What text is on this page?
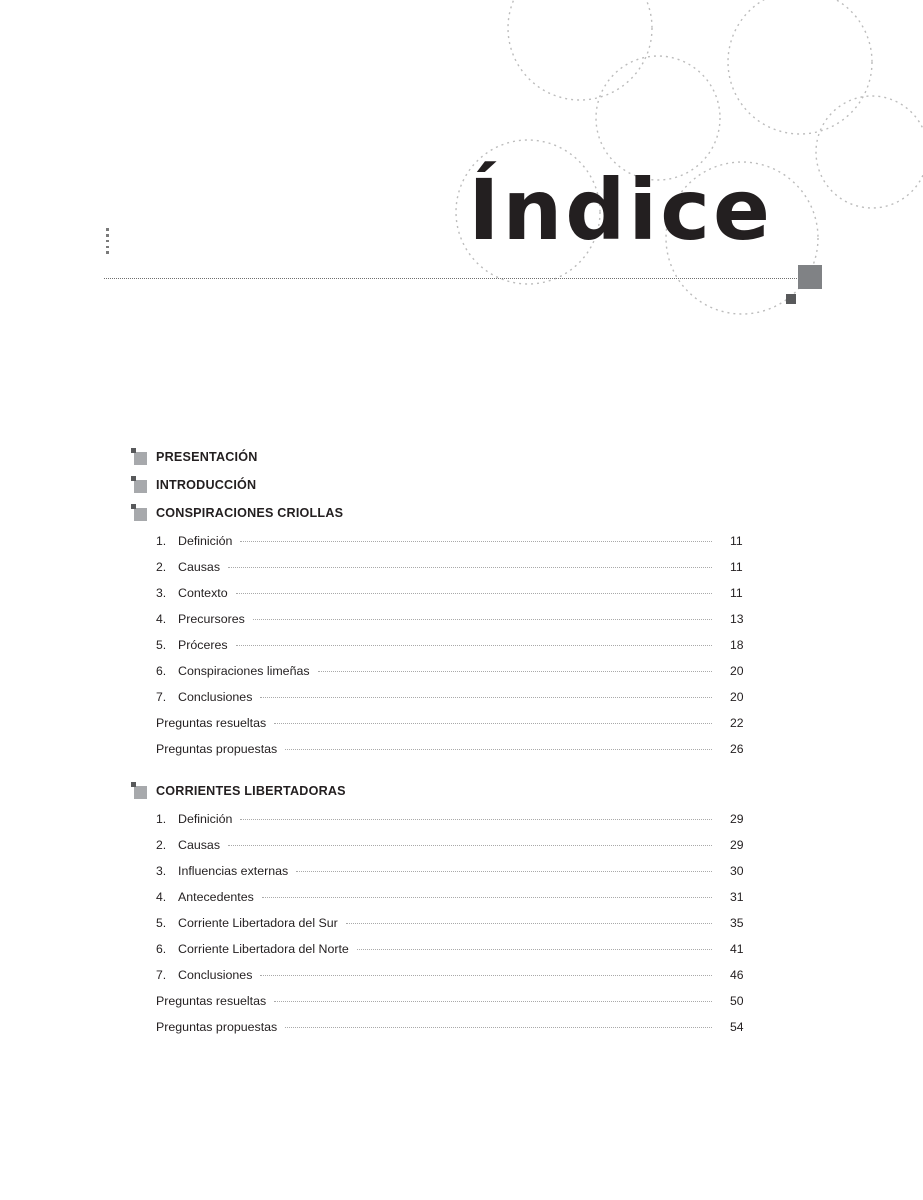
Índice
PRESENTACIÓN
INTRODUCCIÓN
CONSPIRACIONES CRIOLLAS
1. Definición	11
2. Causas	11
3. Contexto	11
4. Precursores	13
5. Próceres	18
6. Conspiraciones limeñas	20
7. Conclusiones	20
Preguntas resueltas	22
Preguntas propuestas	26
CORRIENTES LIBERTADORAS
1. Definición	29
2. Causas	29
3. Influencias externas	30
4. Antecedentes	31
5. Corriente Libertadora del Sur	35
6. Corriente Libertadora del Norte	41
7. Conclusiones	46
Preguntas resueltas	50
Preguntas propuestas	54
